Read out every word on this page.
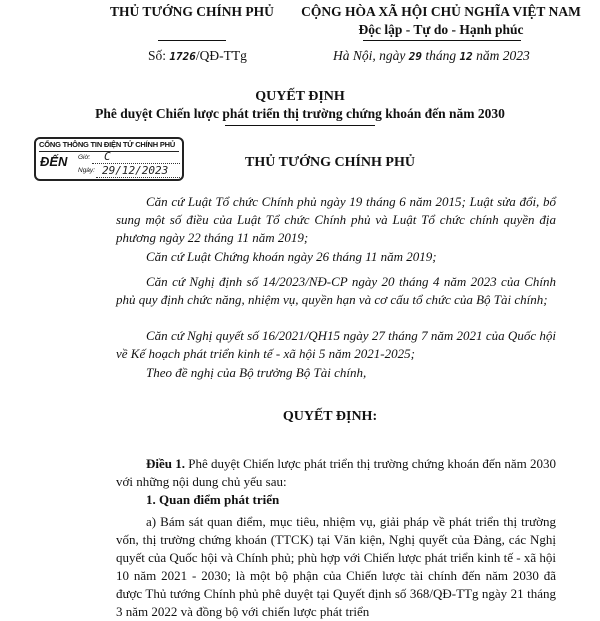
THỦ TƯỚNG CHÍNH PHỦ	CỘNG HÒA XÃ HỘI CHỦ NGHĨA VIỆT NAM
Độc lập - Tự do - Hạnh phúc
Số: 1726/QĐ-TTg	Hà Nội, ngày 29 tháng 12 năm 2023
QUYẾT ĐỊNH
Phê duyệt Chiến lược phát triển thị trường chứng khoán đến năm 2030
CỔNG THÔNG TIN ĐIỆN TỬ CHÍNH PHỦ
ĐẾN Giờ: C
Ngày: 29/12/2023
THỦ TƯỚNG CHÍNH PHỦ
Căn cứ Luật Tổ chức Chính phủ ngày 19 tháng 6 năm 2015; Luật sửa đổi, bổ sung một số điều của Luật Tổ chức Chính phủ và Luật Tổ chức chính quyền địa phương ngày 22 tháng 11 năm 2019;
Căn cứ Luật Chứng khoán ngày 26 tháng 11 năm 2019;
Căn cứ Nghị định số 14/2023/NĐ-CP ngày 20 tháng 4 năm 2023 của Chính phủ quy định chức năng, nhiệm vụ, quyền hạn và cơ cấu tổ chức của Bộ Tài chính;
Căn cứ Nghị quyết số 16/2021/QH15 ngày 27 tháng 7 năm 2021 của Quốc hội về Kế hoạch phát triển kinh tế - xã hội 5 năm 2021-2025;
Theo đề nghị của Bộ trưởng Bộ Tài chính,
QUYẾT ĐỊNH:
Điều 1. Phê duyệt Chiến lược phát triển thị trường chứng khoán đến năm 2030 với những nội dung chủ yếu sau:
1. Quan điểm phát triển
a) Bám sát quan điểm, mục tiêu, nhiệm vụ, giải pháp về phát triển thị trường vốn, thị trường chứng khoán (TTCK) tại Văn kiện, Nghị quyết của Đảng, các Nghị quyết của Quốc hội và Chính phủ; phù hợp với Chiến lược phát triển kinh tế - xã hội 10 năm 2021 - 2030; là một bộ phận của Chiến lược tài chính đến năm 2030 đã được Thủ tướng Chính phủ phê duyệt tại Quyết định số 368/QĐ-TTg ngày 21 tháng 3 năm 2022 và đồng bộ với chiến lược phát triển
